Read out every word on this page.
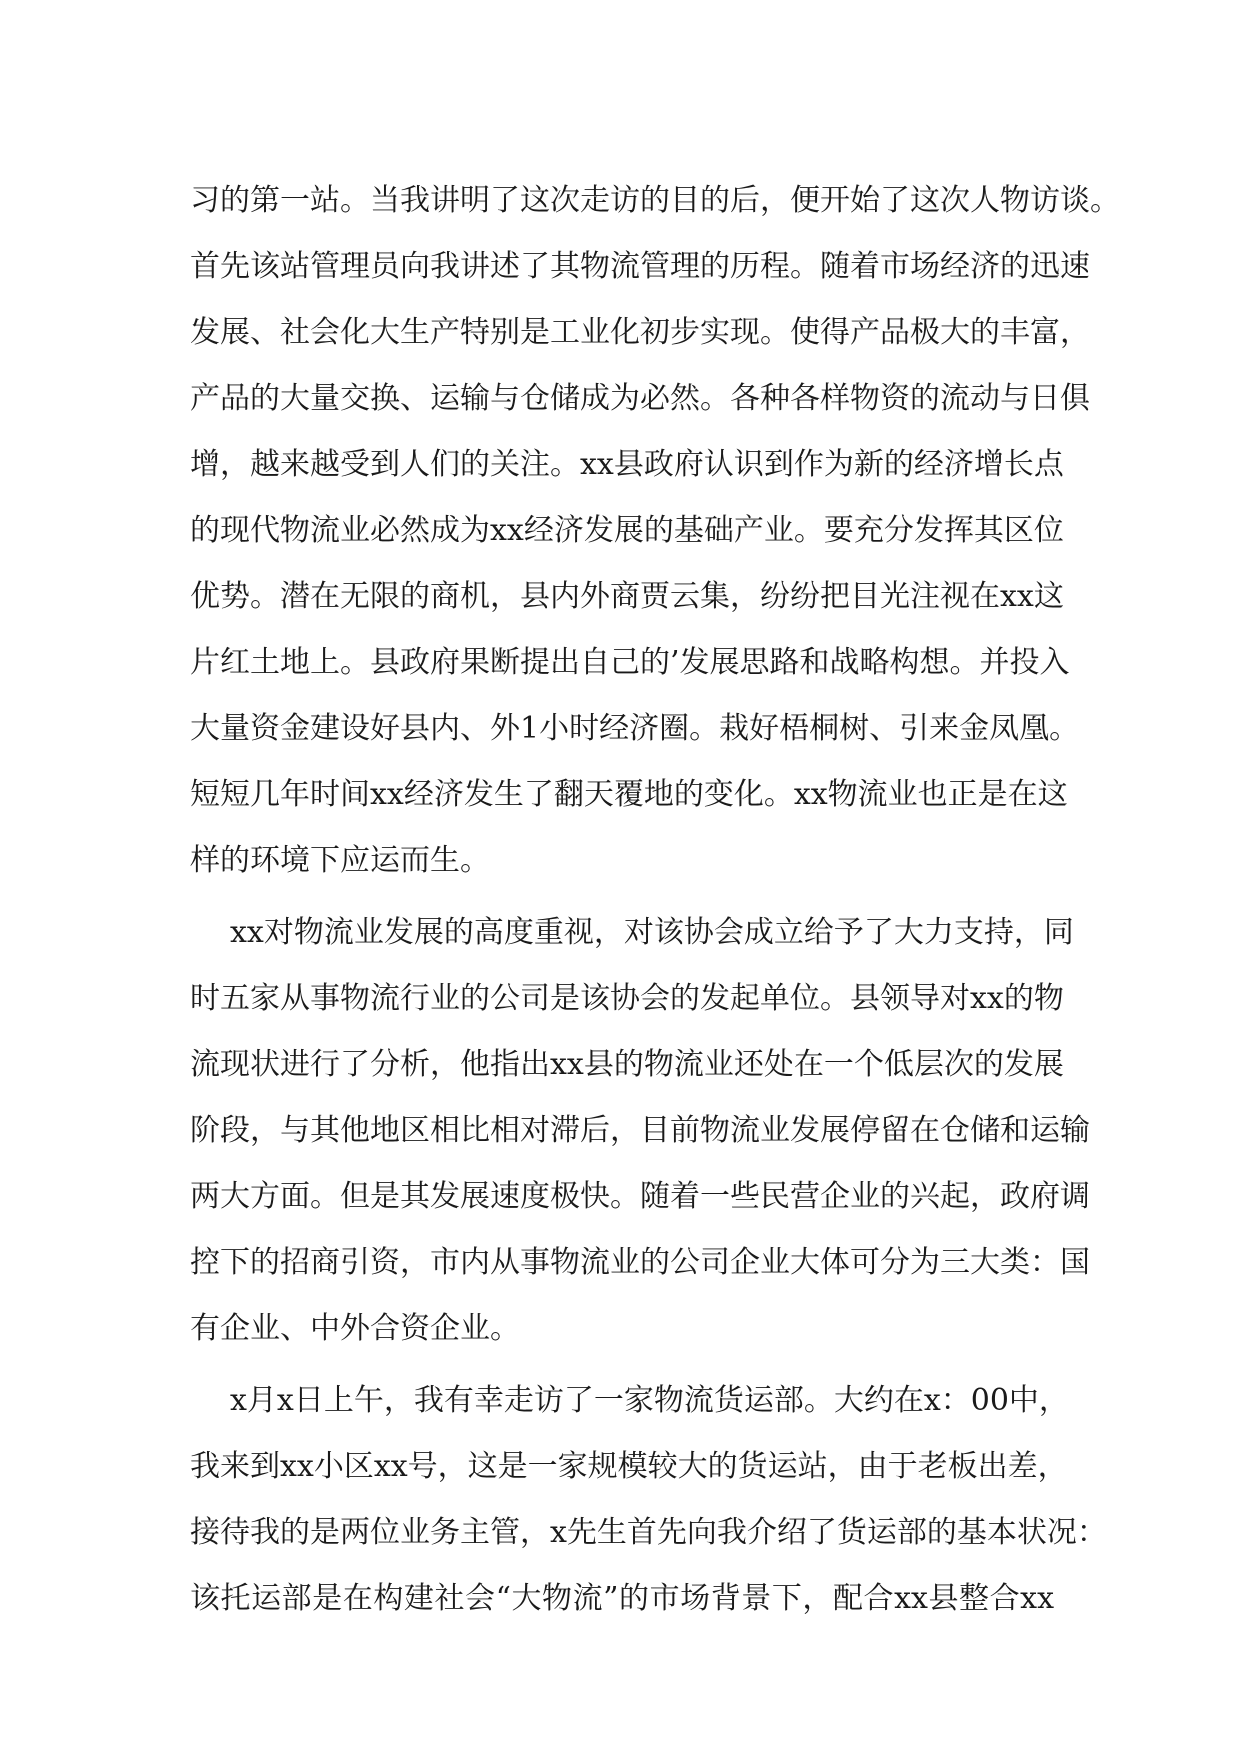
习的第一站。当我讲明了这次走访的目的后，便开始了这次人物访谈。
首先该站管理员向我讲述了其物流管理的历程。随着市场经济的迅速
发展、社会化大生产特别是工业化初步实现。使得产品极大的丰富，
产品的大量交换、运输与仓储成为必然。各种各样物资的流动与日俱
增，越来越受到人们的关注。xx县政府认识到作为新的经济增长点
的现代物流业必然成为xx经济发展的基础产业。要充分发挥其区位
优势。潜在无限的商机，县内外商贾云集，纷纷把目光注视在xx这
片红土地上。县政府果断提出自己的’发展思路和战略构想。并投入
大量资金建设好县内、外1小时经济圈。栽好梧桐树、引来金凤凰。
短短几年时间xx经济发生了翻天覆地的变化。xx物流业也正是在这
样的环境下应运而生。
xx对物流业发展的高度重视，对该协会成立给予了大力支持，同
时五家从事物流行业的公司是该协会的发起单位。县领导对xx的物
流现状进行了分析，他指出xx县的物流业还处在一个低层次的发展
阶段，与其他地区相比相对滞后，目前物流业发展停留在仓储和运输
两大方面。但是其发展速度极快。随着一些民营企业的兴起，政府调
控下的招商引资，市内从事物流业的公司企业大体可分为三大类：国
有企业、中外合资企业。
x月x日上午，我有幸走访了一家物流货运部。大约在x：00中，
我来到xx小区xx号，这是一家规模较大的货运站，由于老板出差，
接待我的是两位业务主管，x先生首先向我介绍了货运部的基本状况：
该托运部是在构建社会“大物流”的市场背景下，配合xx县整合xx
